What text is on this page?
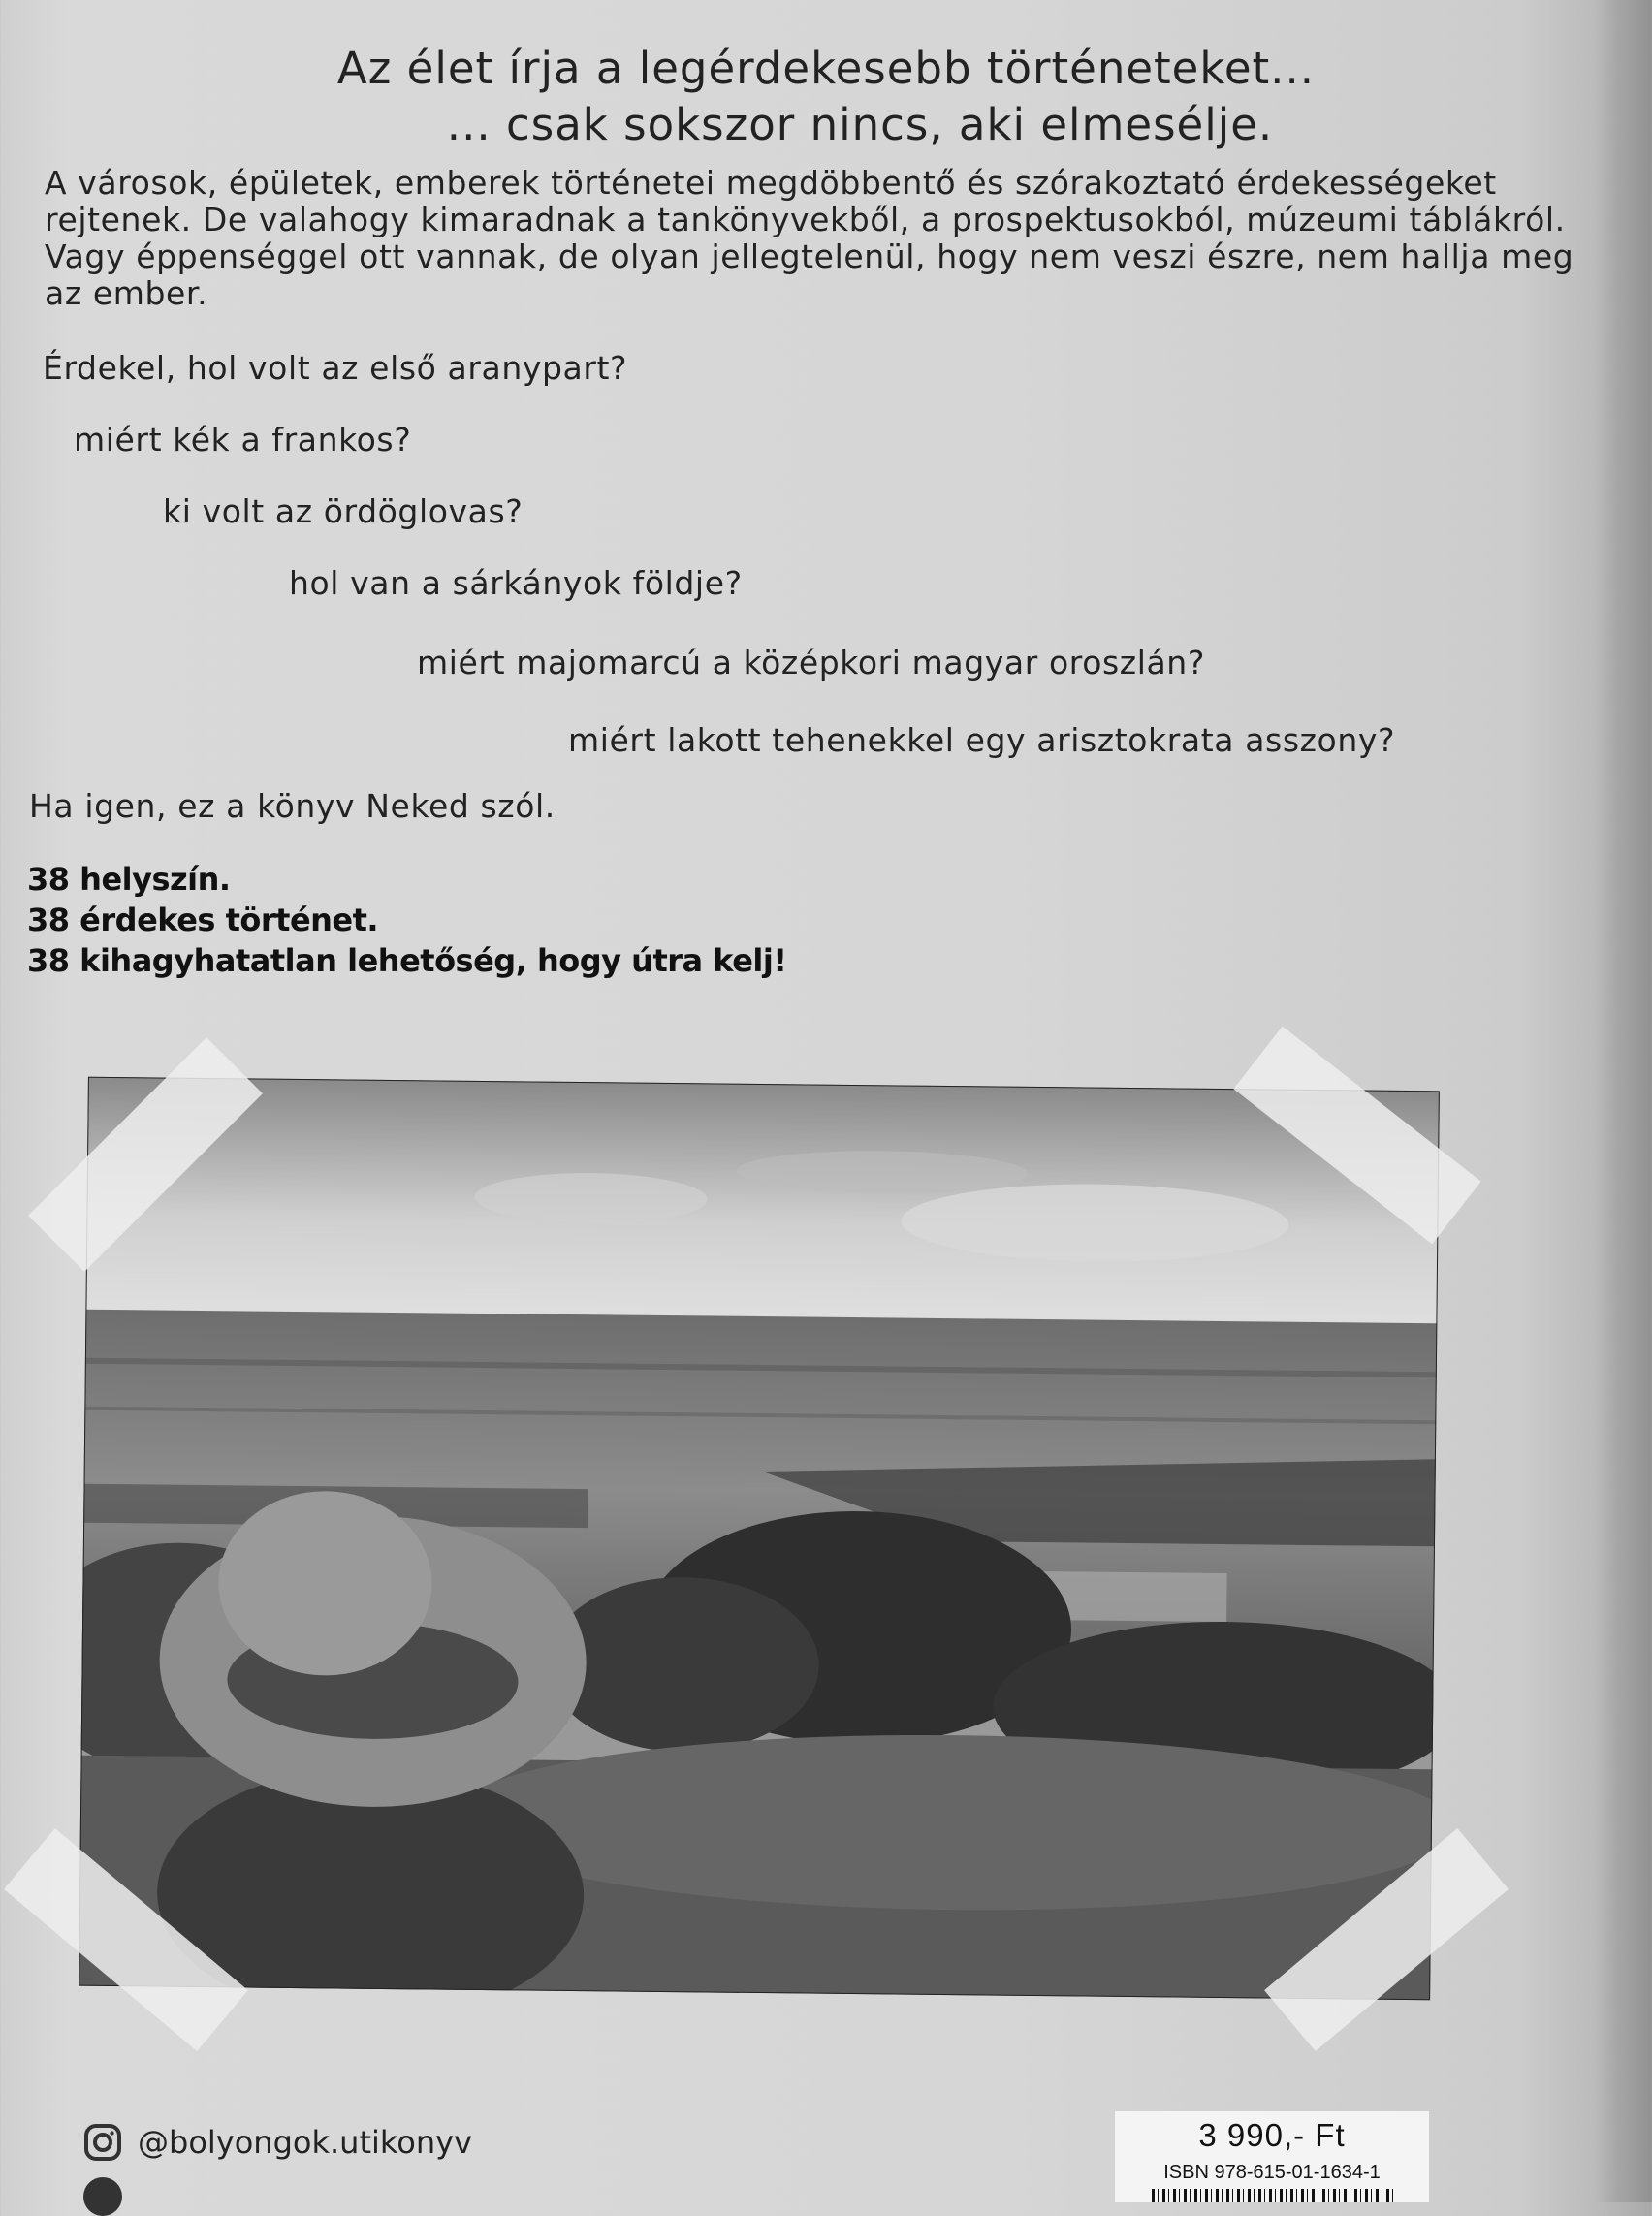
Az élet írja a legérdekesebb történeteket...
... csak sokszor nincs, aki elmesélje.
A városok, épületek, emberek történetei megdöbbentő és szórakoztató érdekességeket rejtenek. De valahogy kimaradnak a tankönyvekből, a prospektusokból, múzeumi táblákról. Vagy éppenséggel ott vannak, de olyan jellegtelenül, hogy nem veszi észre, nem hallja meg az ember.
Érdekel, hol volt az első aranypart?
miért kék a frankos?
ki volt az ördöglovas?
hol van a sárkányok földje?
miért majomarcú a középkori magyar oroszlán?
miért lakott tehenekkel egy arisztokrata asszony?
Ha igen, ez a könyv Neked szól.
38 helyszín.
38 érdekes történet.
38 kihagyhatatlan lehetőség, hogy útra kelj!
@bolyongok.utikonyv	3 990,- Ft
ISBN 978-615-01-1634-1
